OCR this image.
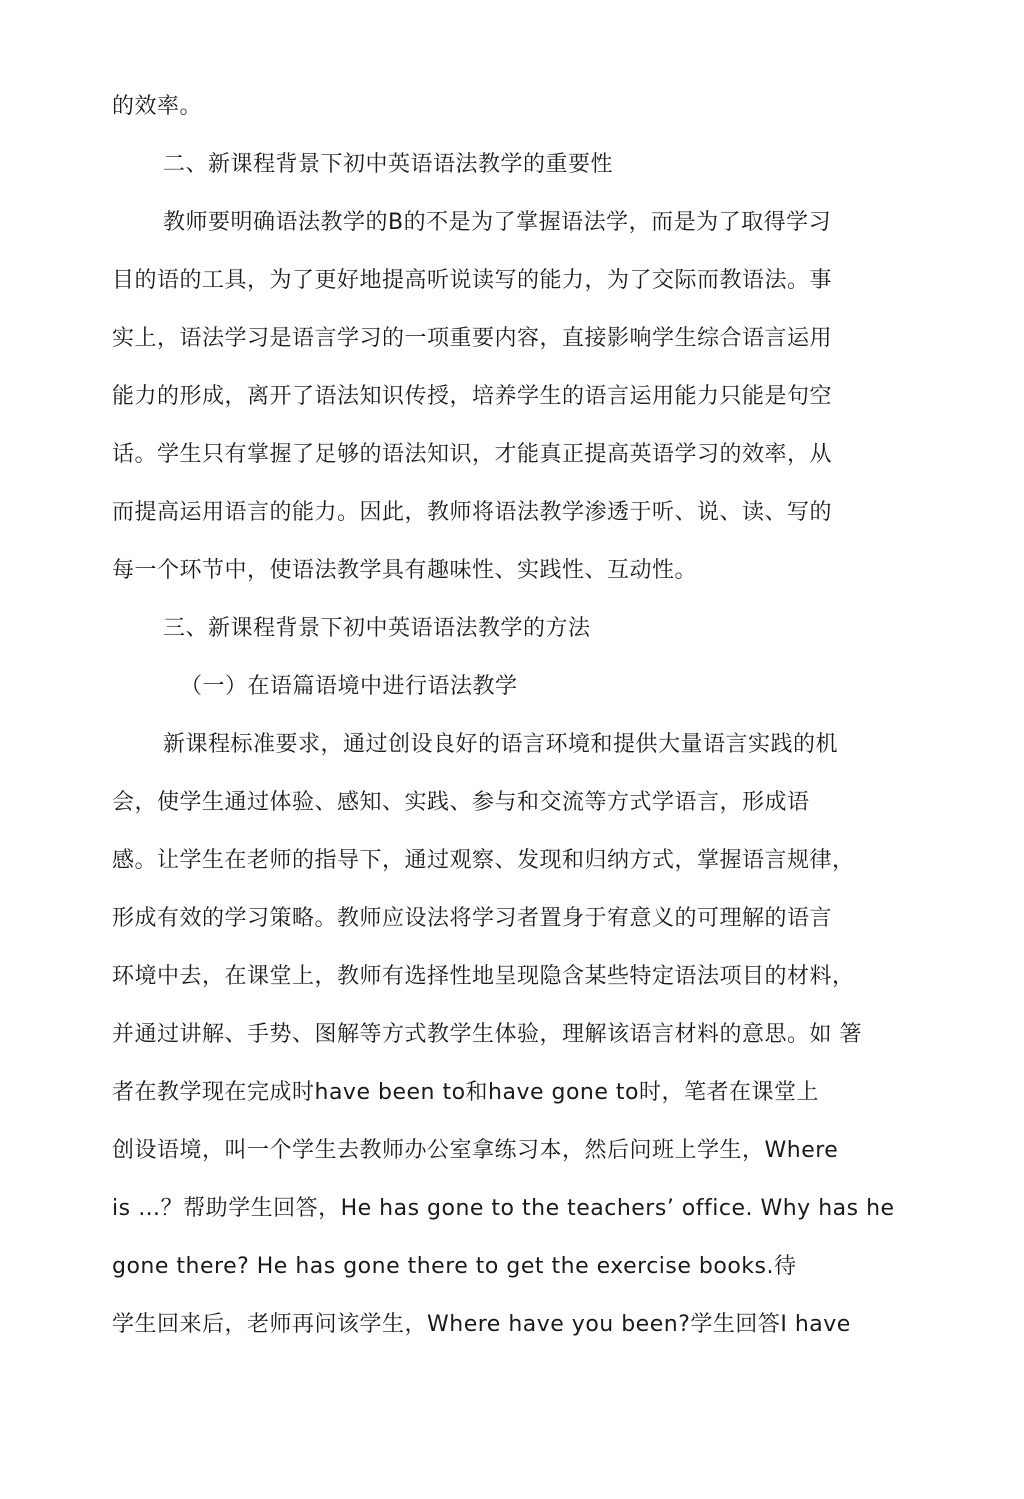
的效率。

二、新课程背景下初中英语语法教学的重要性

教师要明确语法教学的B的不是为了掌握语法学，而是为了取得学习

目的语的工具，为了更好地提高听说读写的能力，为了交际而教语法。事

实上，语法学习是语言学习的一项重要内容，直接影响学生综合语言运用

能力的形成，离开了语法知识传授，培养学生的语言运用能力只能是句空

话。学生只有掌握了足够的语法知识，才能真正提高英语学习的效率，从

而提高运用语言的能力。因此，教师将语法教学渗透于听、说、读、写的

每一个环节中，使语法教学具有趣味性、实践性、互动性。

三、新课程背景下初中英语语法教学的方法

（一）在语篇语境中进行语法教学

新课程标准要求，通过创设良好的语言环境和提供大量语言实践的机

会，使学生通过体验、感知、实践、参与和交流等方式学语言，形成语

感。让学生在老师的指导下，通过观察、发现和归纳方式，掌握语言规律，

形成有效的学习策略。教师应设法将学习者置身于宥意义的可理解的语言

环境中去，在课堂上，教师有选择性地呈现隐含某些特定语法项目的材料，

并通过讲解、手势、图解等方式教学生体验，理解该语言材料的意思。如 箸

者在教学现在完成时have been to和have gone to时，笔者在课堂上

创设语境，叫一个学生去教师办公室拿练习本，然后问班上学生，Where

is …？帮助学生回答，He has gone to the teachers’ office. Why has he

gone there? He has gone there to get the exercise books.待

学生回来后，老师再问该学生，Where have you been?学生回答I have
